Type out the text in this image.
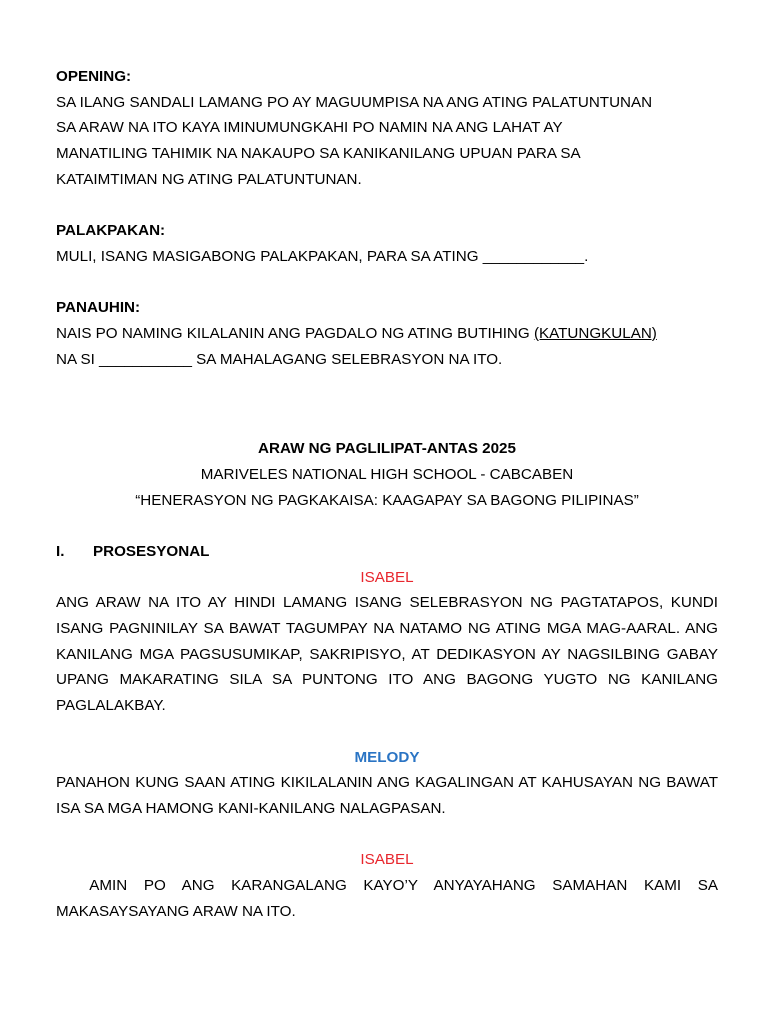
OPENING:

SA ILANG SANDALI LAMANG PO AY MAGUUMPISA NA ANG ATING PALATUNTUNAN

SA ARAW NA ITO KAYA IMINUMUNGKAHI PO NAMIN NA ANG LAHAT AY

MANATILING TAHIMIK NA NAKAUPO SA KANIKANILANG UPUAN PARA SA

KATAIMTIMAN NG ATING PALATUNTUNAN.

PALAKPAKAN:

MULI, ISANG MASIGABONG PALAKPAKAN, PARA SA ATING ____________.

PANAUHIN:

NAIS PO NAMING KILALANIN ANG PAGDALO NG ATING BUTIHING (KATUNGKULAN)

NA SI ___________ SA MAHALAGANG SELEBRASYON NA ITO.

ARAW NG PAGLILIPAT-ANTAS 2025

MARIVELES NATIONAL HIGH SCHOOL - CABCABEN

“HENERASYON NG PAGKAKAISA: KAAGAPAY SA BAGONG PILIPINAS”

I.	PROSESYONAL

ISABEL

ANG ARAW NA ITO AY HINDI LAMANG ISANG SELEBRASYON NG PAGTATAPOS, KUNDI ISANG PAGNINILAY SA BAWAT TAGUMPAY NA NATAMO NG ATING MGA MAG-AARAL. ANG KANILANG MGA PAGSUSUMIKAP, SAKRIPISYO, AT DEDIKASYON AY NAGSILBING GABAY UPANG MAKARATING SILA SA PUNTONG ITO ANG BAGONG YUGTO NG KANILANG PAGLALAKBAY.

MELODY

PANAHON KUNG SAAN ATING KIKILALANIN ANG KAGALINGAN AT KAHUSAYAN NG BAWAT ISA SA MGA HAMONG KANI-KANILANG NALAGPASAN.

ISABEL

AMIN PO ANG KARANGALANG KAYO’Y ANYAYAHANG SAMAHAN KAMI SA MAKASAYSAYANG ARAW NA ITO.
